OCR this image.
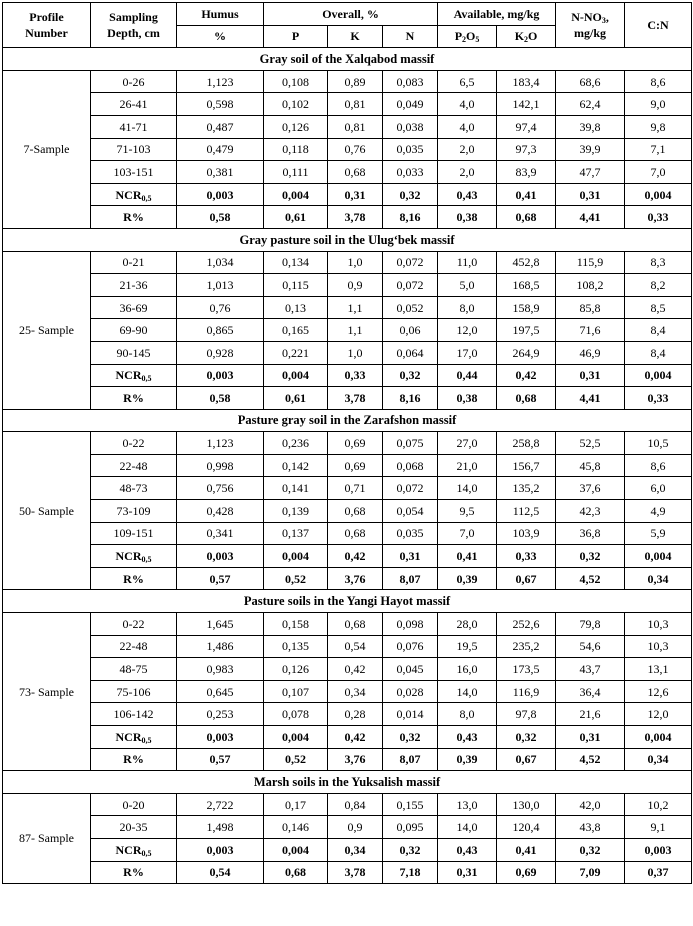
Profile Number	Sampling Depth, cm	Humus	Overall, %			Available, mg/kg		$N-NO_3$, mg/kg	C:N
		%	P	K	N	$P_2O_5$	$K_2O$		
Gray soil of the Xalqabod massif									
7-Sample	0-26	1,123	0,108	0,89	0,083	6,5	183,4	68,6	8,6
	26-41	0,598	0,102	0,81	0,049	4,0	142,1	62,4	9,0
	41-71	0,487	0,126	0,81	0,038	4,0	97,4	39,8	9,8
	71-103	0,479	0,118	0,76	0,035	2,0	97,3	39,9	7,1
	103-151	0,381	0,111	0,68	0,033	2,0	83,9	47,7	7,0
	$NCR_{0,5}$	0,003	0,004	0,31	0,32	0,43	0,41	0,31	0,004
	R%	0,58	0,61	3,78	8,16	0,38	0,68	4,41	0,33
Gray pasture soil in the Ulug‘bek massif									
25- Sample	0-21	1,034	0,134	1,0	0,072	11,0	452,8	115,9	8,3
	21-36	1,013	0,115	0,9	0,072	5,0	168,5	108,2	8,2
	36-69	0,76	0,13	1,1	0,052	8,0	158,9	85,8	8,5
	69-90	0,865	0,165	1,1	0,06	12,0	197,5	71,6	8,4
	90-145	0,928	0,221	1,0	0,064	17,0	264,9	46,9	8,4
	$NCR_{0,5}$	0,003	0,004	0,33	0,32	0,44	0,42	0,31	0,004
	R%	0,58	0,61	3,78	8,16	0,38	0,68	4,41	0,33
Pasture gray soil in the Zarafshon massif									
50- Sample	0-22	1,123	0,236	0,69	0,075	27,0	258,8	52,5	10,5
	22-48	0,998	0,142	0,69	0,068	21,0	156,7	45,8	8,6
	48-73	0,756	0,141	0,71	0,072	14,0	135,2	37,6	6,0
	73-109	0,428	0,139	0,68	0,054	9,5	112,5	42,3	4,9
	109-151	0,341	0,137	0,68	0,035	7,0	103,9	36,8	5,9
	$NCR_{0,5}$	0,003	0,004	0,42	0,31	0,41	0,33	0,32	0,004
	R%	0,57	0,52	3,76	8,07	0,39	0,67	4,52	0,34
Pasture soils in the Yangi Hayot massif									
73- Sample	0-22	1,645	0,158	0,68	0,098	28,0	252,6	79,8	10,3
	22-48	1,486	0,135	0,54	0,076	19,5	235,2	54,6	10,3
	48-75	0,983	0,126	0,42	0,045	16,0	173,5	43,7	13,1
	75-106	0,645	0,107	0,34	0,028	14,0	116,9	36,4	12,6
	106-142	0,253	0,078	0,28	0,014	8,0	97,8	21,6	12,0
	$NCR_{0,5}$	0,003	0,004	0,42	0,32	0,43	0,32	0,31	0,004
	R%	0,57	0,52	3,76	8,07	0,39	0,67	4,52	0,34
Marsh soils in the Yuksalish massif									
87- Sample	0-20	2,722	0,17	0,84	0,155	13,0	130,0	42,0	10,2
	20-35	1,498	0,146	0,9	0,095	14,0	120,4	43,8	9,1
	$NCR_{0,5}$	0,003	0,004	0,34	0,32	0,43	0,41	0,32	0,003
	R%	0,54	0,68	3,78	7,18	0,31	0,69	7,09	0,37
